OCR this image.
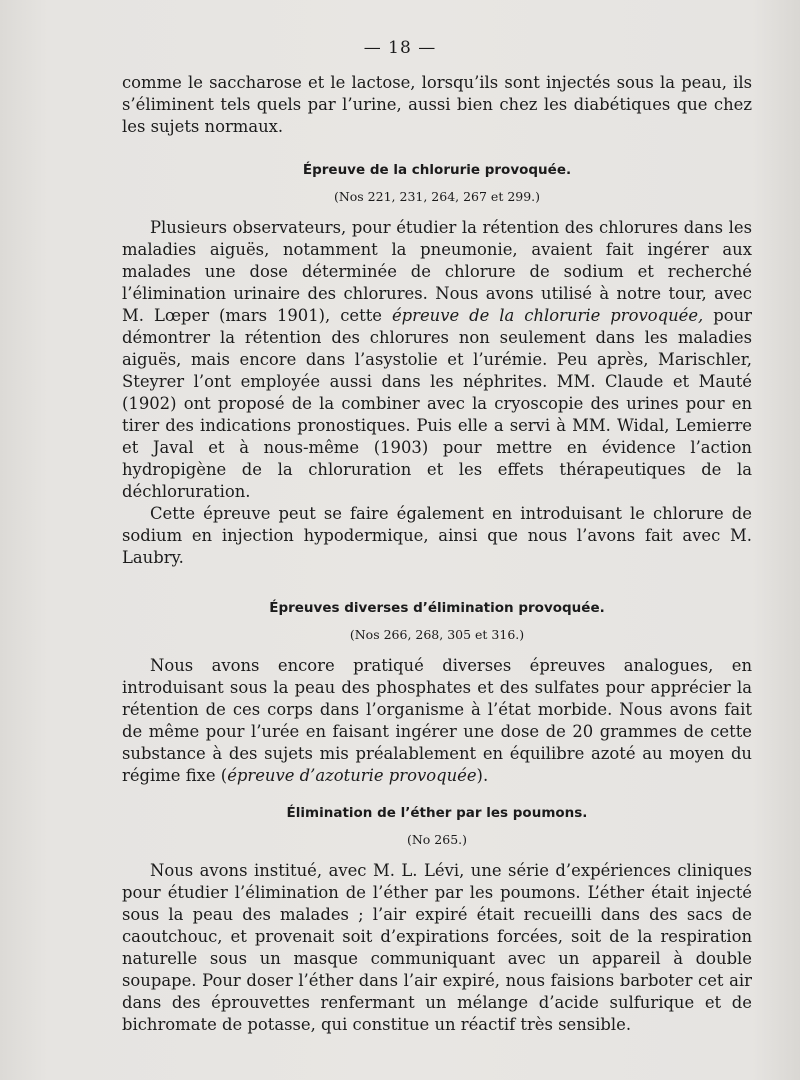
— 18 —

comme le saccharose et le lactose, lorsqu’ils sont injectés sous la peau, ils s’éliminent tels quels par l’urine, aussi bien chez les diabétiques que chez les sujets normaux.

Épreuve de la chlorurie provoquée.

(Nos 221, 231, 264, 267 et 299.)

Plusieurs observateurs, pour étudier la rétention des chlorures dans les maladies aiguës, notamment la pneumonie, avaient fait ingérer aux malades une dose déterminée de chlorure de sodium et recherché l’élimination urinaire des chlorures. Nous avons utilisé à notre tour, avec M. Lœper (mars 1901), cette épreuve de la chlorurie provoquée, pour démontrer la rétention des chlorures non seulement dans les maladies aiguës, mais encore dans l’asystolie et l’urémie. Peu après, Marischler, Steyrer l’ont employée aussi dans les néphrites. MM. Claude et Mauté (1902) ont proposé de la combiner avec la cryoscopie des urines pour en tirer des indications pronostiques. Puis elle a servi à MM. Widal, Lemierre et Javal et à nous-même (1903) pour mettre en évidence l’action hydropigène de la chloruration et les effets thérapeutiques de la déchloruration.

Cette épreuve peut se faire également en introduisant le chlorure de sodium en injection hypodermique, ainsi que nous l’avons fait avec M. Laubry.

Épreuves diverses d’élimination provoquée.

(Nos 266, 268, 305 et 316.)

Nous avons encore pratiqué diverses épreuves analogues, en introduisant sous la peau des phosphates et des sulfates pour apprécier la rétention de ces corps dans l’organisme à l’état morbide. Nous avons fait de même pour l’urée en faisant ingérer une dose de 20 grammes de cette substance à des sujets mis préalablement en équilibre azoté au moyen du régime fixe (épreuve d’azoturie provoquée).

Élimination de l’éther par les poumons.

(No 265.)

Nous avons institué, avec M. L. Lévi, une série d’expériences cliniques pour étudier l’élimination de l’éther par les poumons. L’éther était injecté sous la peau des malades ; l’air expiré était recueilli dans des sacs de caoutchouc, et provenait soit d’expirations forcées, soit de la respiration naturelle sous un masque communiquant avec un appareil à double soupape. Pour doser l’éther dans l’air expiré, nous faisions barboter cet air dans des éprouvettes renfermant un mélange d’acide sulfurique et de bichromate de potasse, qui constitue un réactif très sensible.
